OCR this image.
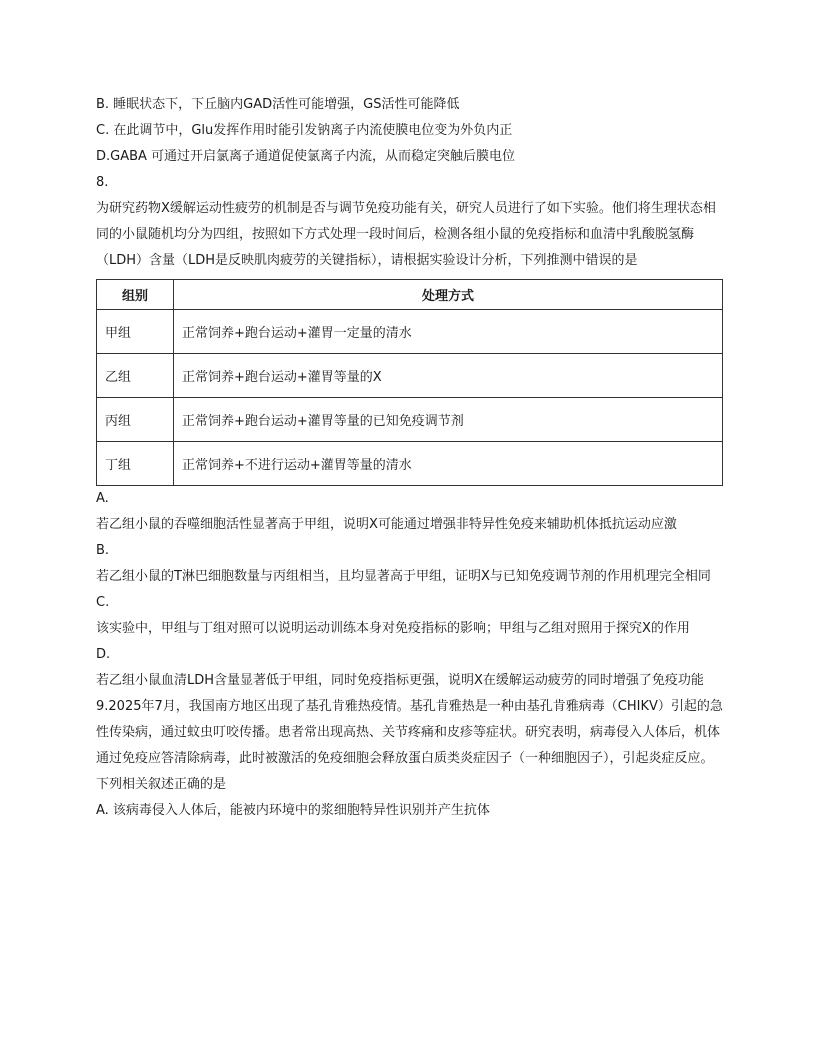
B. 睡眠状态下，下丘脑内GAD活性可能增强，GS活性可能降低
C. 在此调节中，Glu发挥作用时能引发钠离子内流使膜电位变为外负内正
D.GABA 可通过开启氯离子通道促使氯离子内流，从而稳定突触后膜电位
8.
为研究药物X缓解运动性疲劳的机制是否与调节免疫功能有关，研究人员进行了如下实验。他们将生理状态相同的小鼠随机均分为四组，按照如下方式处理一段时间后，检测各组小鼠的免疫指标和血清中乳酸脱氢酶（LDH）含量（LDH是反映肌肉疲劳的关键指标），请根据实验设计分析，下列推测中错误的是
组别	处理方式
甲组	正常饲养+跑台运动+灌胃一定量的清水
乙组	正常饲养+跑台运动+灌胃等量的X
丙组	正常饲养+跑台运动+灌胃等量的已知免疫调节剂
丁组	正常饲养+不进行运动+灌胃等量的清水
A.
若乙组小鼠的吞噬细胞活性显著高于甲组，说明X可能通过增强非特异性免疫来辅助机体抵抗运动应激
B.
若乙组小鼠的T淋巴细胞数量与丙组相当，且均显著高于甲组，证明X与已知免疫调节剂的作用机理完全相同
C.
该实验中，甲组与丁组对照可以说明运动训练本身对免疫指标的影响；甲组与乙组对照用于探究X的作用
D.
若乙组小鼠血清LDH含量显著低于甲组，同时免疫指标更强，说明X在缓解运动疲劳的同时增强了免疫功能
9.2025年7月，我国南方地区出现了基孔肯雅热疫情。基孔肯雅热是一种由基孔肯雅病毒（CHIKV）引起的急性传染病，通过蚊虫叮咬传播。患者常出现高热、关节疼痛和皮疹等症状。研究表明，病毒侵入人体后，机体通过免疫应答清除病毒，此时被激活的免疫细胞会释放蛋白质类炎症因子（一种细胞因子），引起炎症反应。下列相关叙述正确的是
A. 该病毒侵入人体后，能被内环境中的浆细胞特异性识别并产生抗体
